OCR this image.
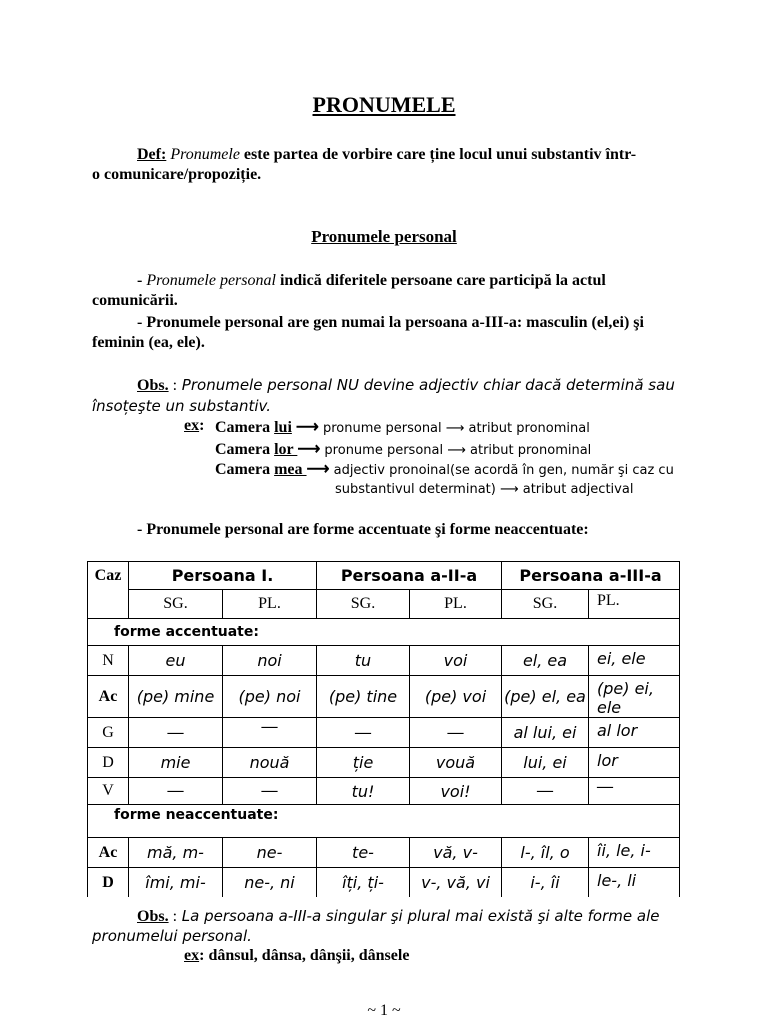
PRONUMELE
Def: Pronumele este partea de vorbire care ține locul unui substantiv într-
o comunicare/propoziție.
Pronumele personal
- Pronumele personal indică diferitele persoane care participă la actul
comunicării.
- Pronumele personal are gen numai la persoana a-III-a: masculin (el,ei) şi
feminin (ea, ele).
Obs. : Pronumele personal NU devine adjectiv chiar dacă determină sau
însoțeşte un substantiv.
ex: Camera lui ⟶ pronume personal ⟶ atribut pronominal
Camera lor ⟶ pronume personal ⟶ atribut pronominal
Camera mea ⟶ adjectiv pronoinal(se acordă în gen, număr şi caz cu
substantivul determinat) ⟶ atribut adjectival
- Pronumele personal are forme accentuate şi forme neaccentuate:
Caz	Persoana I.		Persoana a-II-a		Persoana a-III-a	
	SG.	PL.	SG.	PL.	SG.	PL.
forme accentuate:						
N	eu	noi	tu	voi	el, ea	ei, ele
Ac	(pe) mine	(pe) noi	(pe) tine	(pe) voi	(pe) el, ea	(pe) ei, ele
G	—	—	—	—	al lui, ei	al lor
D	mie	nouă	ție	vouă	lui, ei	lor
V	—	—	tu!	voi!	—	—
forme neaccentuate:						
Ac	mă, m-	ne-	te-	vă, v-	l-, îl, o	îi, le, i-
D	îmi, mi-	ne-, ni	îți, ți-	v-, vă, vi	i-, îi	le-, li
Obs. : La persoana a-III-a singular şi plural mai există şi alte forme ale
pronumelui personal.
ex: dânsul, dânsa, dânşii, dânsele
~ 1 ~
